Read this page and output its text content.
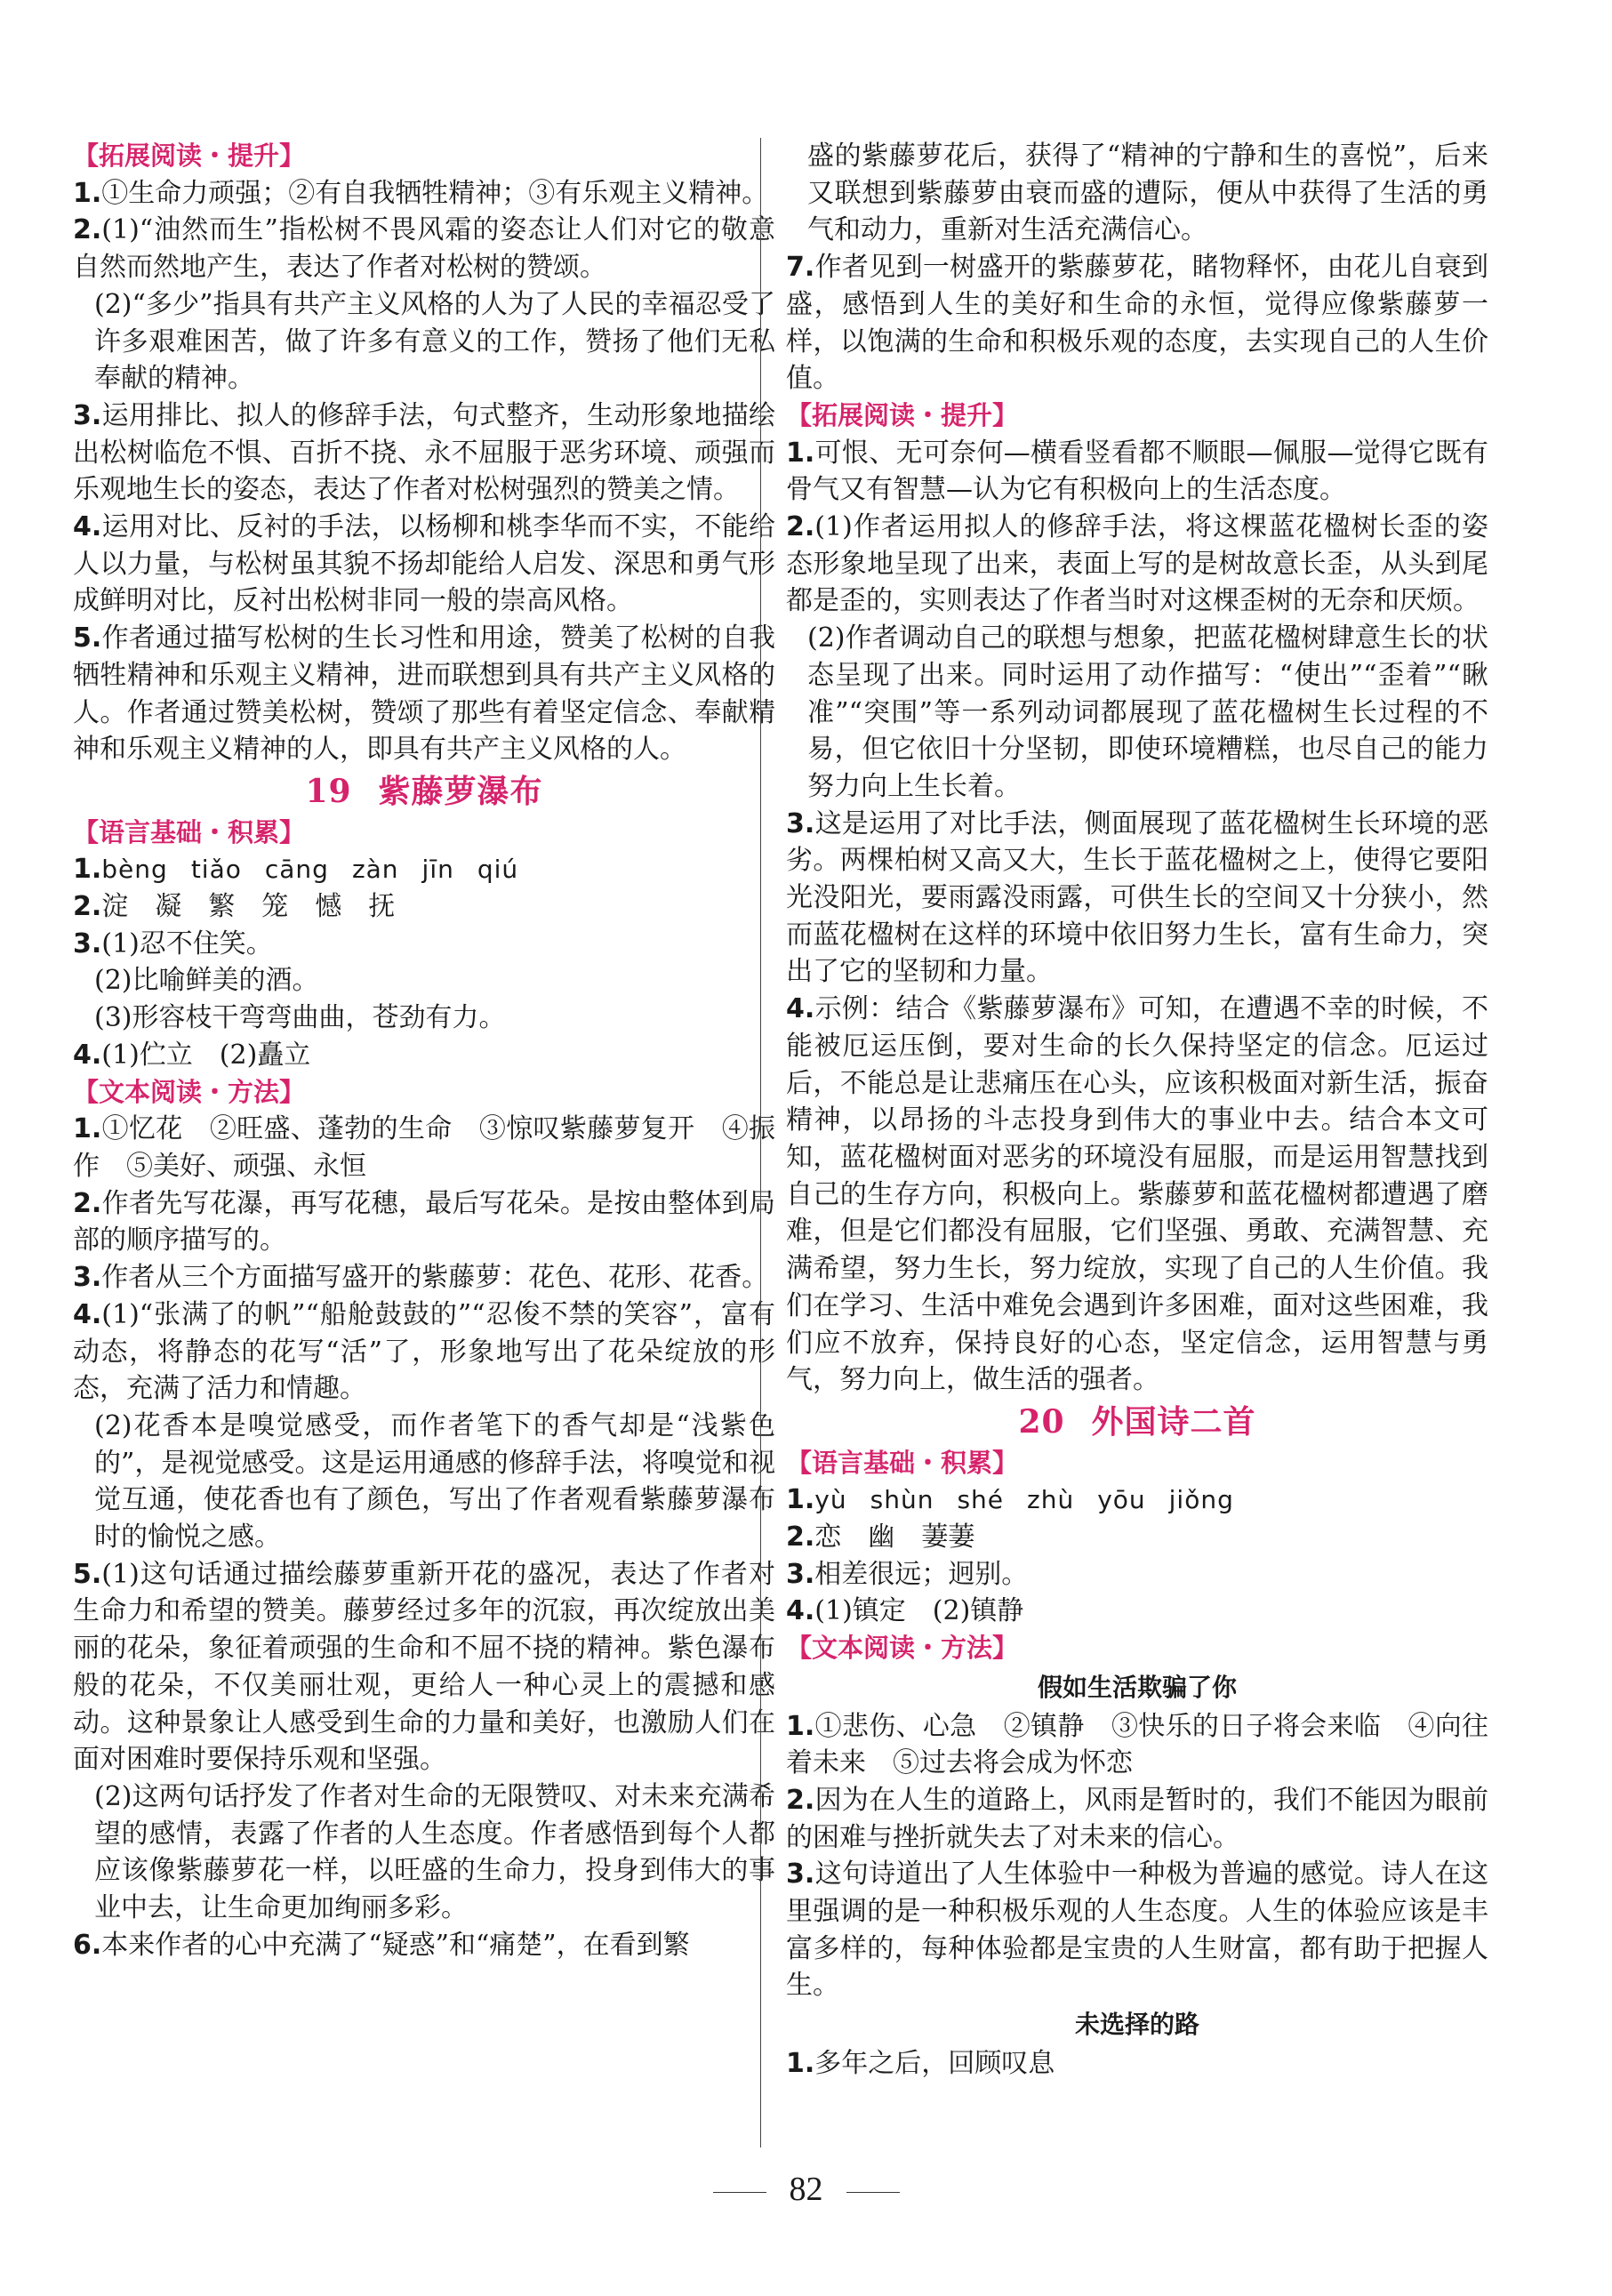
【拓展阅读・提升】

1.①生命力顽强；②有自我牺牲精神；③有乐观主义精神。

2.(1)“油然而生”指松树不畏风霜的姿态让人们对它的敬意自然而然地产生，表达了作者对松树的赞颂。

(2)“多少”指具有共产主义风格的人为了人民的幸福忍受了许多艰难困苦，做了许多有意义的工作，赞扬了他们无私奉献的精神。

3.运用排比、拟人的修辞手法，句式整齐，生动形象地描绘出松树临危不惧、百折不挠、永不屈服于恶劣环境、顽强而乐观地生长的姿态，表达了作者对松树强烈的赞美之情。

4.运用对比、反衬的手法，以杨柳和桃李华而不实，不能给人以力量，与松树虽其貌不扬却能给人启发、深思和勇气形成鲜明对比，反衬出松树非同一般的崇高风格。

5.作者通过描写松树的生长习性和用途，赞美了松树的自我牺牲精神和乐观主义精神，进而联想到具有共产主义风格的人。作者通过赞美松树，赞颂了那些有着坚定信念、奉献精神和乐观主义精神的人，即具有共产主义风格的人。

19 紫藤萝瀑布

【语言基础・积累】

1.bèng tiǎo cāng zàn jīn qiú

2.淀　凝　繁　笼　憾　抚

3.(1)忍不住笑。

(2)比喻鲜美的酒。

(3)形容枝干弯弯曲曲，苍劲有力。

4.(1)伫立　(2)矗立

【文本阅读・方法】

1.①忆花　②旺盛、蓬勃的生命　③惊叹紫藤萝复开　④振作　⑤美好、顽强、永恒

2.作者先写花瀑，再写花穗，最后写花朵。是按由整体到局部的顺序描写的。

3.作者从三个方面描写盛开的紫藤萝：花色、花形、花香。

4.(1)“张满了的帆”“船舱鼓鼓的”“忍俊不禁的笑容”，富有动态，将静态的花写“活”了，形象地写出了花朵绽放的形态，充满了活力和情趣。

(2)花香本是嗅觉感受，而作者笔下的香气却是“浅紫色的”，是视觉感受。这是运用通感的修辞手法，将嗅觉和视觉互通，使花香也有了颜色，写出了作者观看紫藤萝瀑布时的愉悦之感。

5.(1)这句话通过描绘藤萝重新开花的盛况，表达了作者对生命力和希望的赞美。藤萝经过多年的沉寂，再次绽放出美丽的花朵，象征着顽强的生命和不屈不挠的精神。紫色瀑布般的花朵，不仅美丽壮观，更给人一种心灵上的震撼和感动。这种景象让人感受到生命的力量和美好，也激励人们在面对困难时要保持乐观和坚强。

(2)这两句话抒发了作者对生命的无限赞叹、对未来充满希望的感情，表露了作者的人生态度。作者感悟到每个人都应该像紫藤萝花一样，以旺盛的生命力，投身到伟大的事业中去，让生命更加绚丽多彩。

6.本来作者的心中充满了“疑惑”和“痛楚”，在看到繁

盛的紫藤萝花后，获得了“精神的宁静和生的喜悦”，后来又联想到紫藤萝由衰而盛的遭际，便从中获得了生活的勇气和动力，重新对生活充满信心。

7.作者见到一树盛开的紫藤萝花，睹物释怀，由花儿自衰到盛，感悟到人生的美好和生命的永恒，觉得应像紫藤萝一样，以饱满的生命和积极乐观的态度，去实现自己的人生价值。

【拓展阅读・提升】

1.可恨、无可奈何—横看竖看都不顺眼—佩服—觉得它既有骨气又有智慧—认为它有积极向上的生活态度。

2.(1)作者运用拟人的修辞手法，将这棵蓝花楹树长歪的姿态形象地呈现了出来，表面上写的是树故意长歪，从头到尾都是歪的，实则表达了作者当时对这棵歪树的无奈和厌烦。

(2)作者调动自己的联想与想象，把蓝花楹树肆意生长的状态呈现了出来。同时运用了动作描写：“使出”“歪着”“瞅准”“突围”等一系列动词都展现了蓝花楹树生长过程的不易，但它依旧十分坚韧，即使环境糟糕，也尽自己的能力努力向上生长着。

3.这是运用了对比手法，侧面展现了蓝花楹树生长环境的恶劣。两棵柏树又高又大，生长于蓝花楹树之上，使得它要阳光没阳光，要雨露没雨露，可供生长的空间又十分狭小，然而蓝花楹树在这样的环境中依旧努力生长，富有生命力，突出了它的坚韧和力量。

4.示例：结合《紫藤萝瀑布》可知，在遭遇不幸的时候，不能被厄运压倒，要对生命的长久保持坚定的信念。厄运过后，不能总是让悲痛压在心头，应该积极面对新生活，振奋精神，以昂扬的斗志投身到伟大的事业中去。结合本文可知，蓝花楹树面对恶劣的环境没有屈服，而是运用智慧找到自己的生存方向，积极向上。紫藤萝和蓝花楹树都遭遇了磨难，但是它们都没有屈服，它们坚强、勇敢、充满智慧、充满希望，努力生长，努力绽放，实现了自己的人生价值。我们在学习、生活中难免会遇到许多困难，面对这些困难，我们应不放弃，保持良好的心态，坚定信念，运用智慧与勇气，努力向上，做生活的强者。

20 外国诗二首

【语言基础・积累】

1.yù shùn shé zhù yōu jiǒng

2.恋　幽　萋萋

3.相差很远；迥别。

4.(1)镇定　(2)镇静

【文本阅读・方法】

假如生活欺骗了你

1.①悲伤、心急　②镇静　③快乐的日子将会来临　④向往着未来　⑤过去将会成为怀恋

2.因为在人生的道路上，风雨是暂时的，我们不能因为眼前的困难与挫折就失去了对未来的信心。

3.这句诗道出了人生体验中一种极为普遍的感觉。诗人在这里强调的是一种积极乐观的人生态度。人生的体验应该是丰富多样的，每种体验都是宝贵的人生财富，都有助于把握人生。

未选择的路

1.多年之后，回顾叹息

82
